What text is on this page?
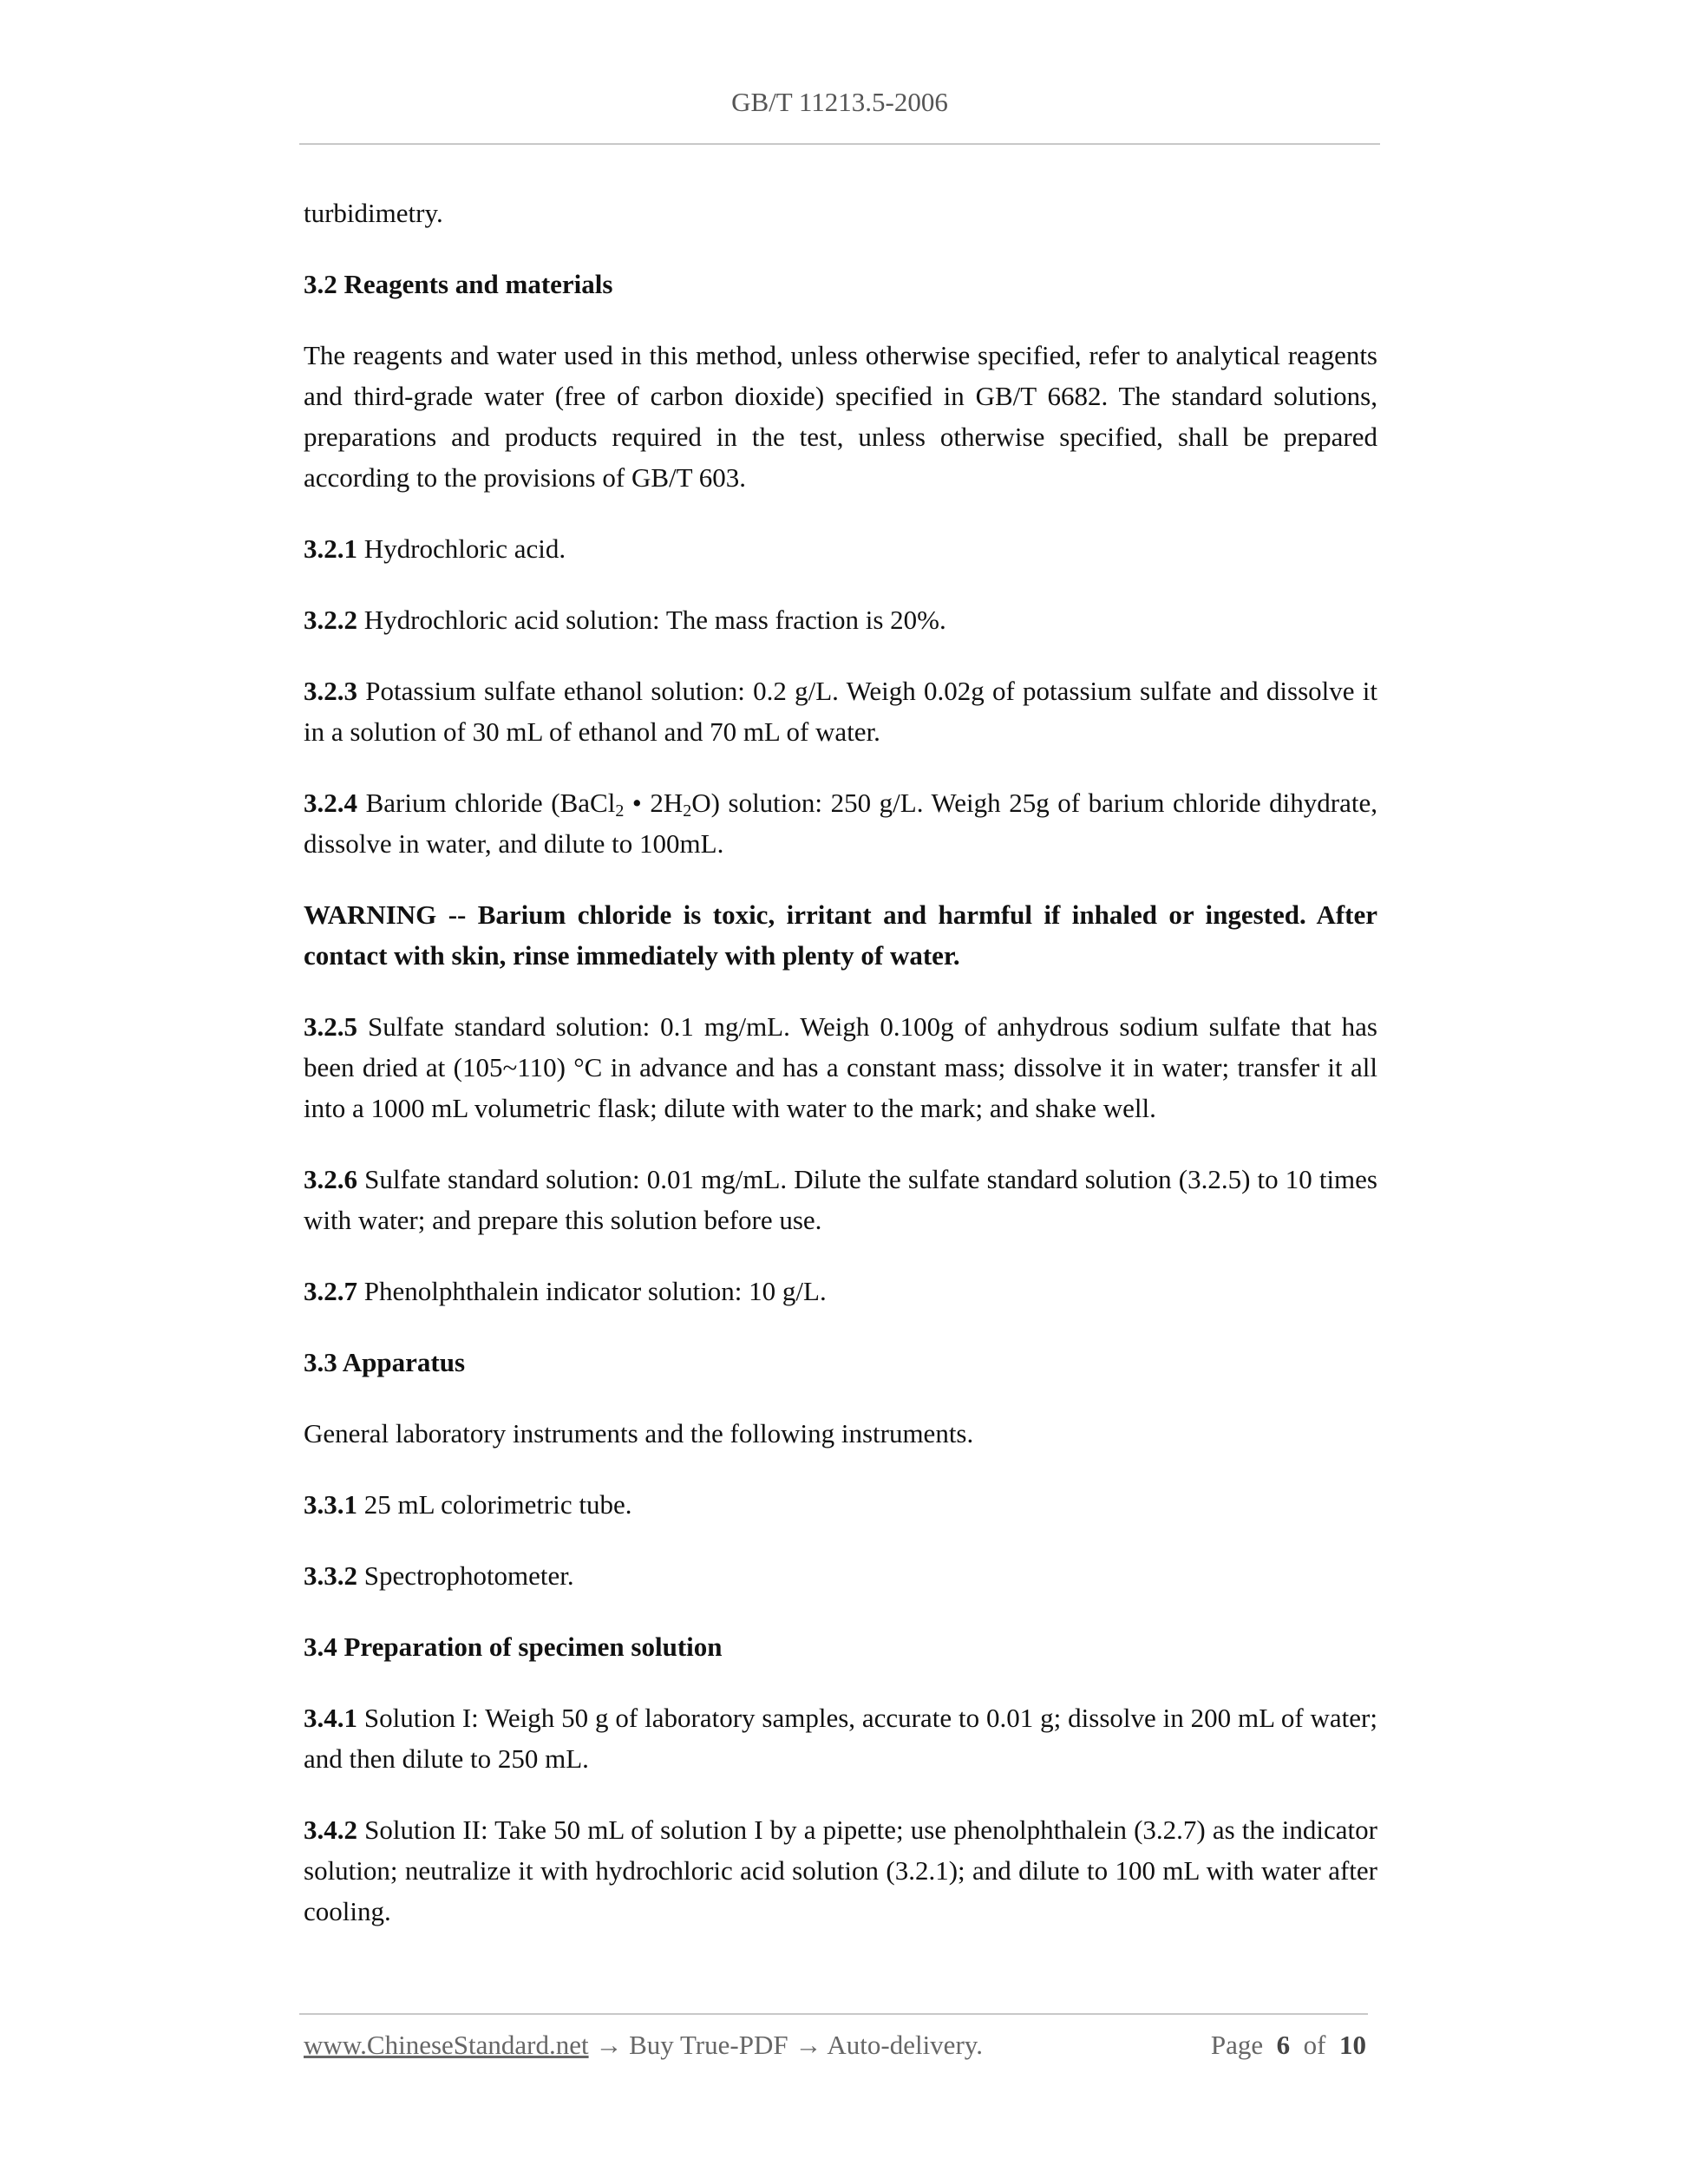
GB/T 11213.5-2006

turbidimetry.

3.2 Reagents and materials

The reagents and water used in this method, unless otherwise specified, refer to analytical reagents and third-grade water (free of carbon dioxide) specified in GB/T 6682. The standard solutions, preparations and products required in the test, unless otherwise specified, shall be prepared according to the provisions of GB/T 603.

3.2.1 Hydrochloric acid.

3.2.2 Hydrochloric acid solution: The mass fraction is 20%.

3.2.3 Potassium sulfate ethanol solution: 0.2 g/L. Weigh 0.02g of potassium sulfate and dissolve it in a solution of 30 mL of ethanol and 70 mL of water.

3.2.4 Barium chloride (BaCl$_2$ • $2H_2O$) solution: 250 g/L. Weigh 25g of barium chloride dihydrate, dissolve in water, and dilute to 100mL.

WARNING -- Barium chloride is toxic, irritant and harmful if inhaled or ingested. After contact with skin, rinse immediately with plenty of water.

3.2.5 Sulfate standard solution: 0.1 mg/mL. Weigh 0.100g of anhydrous sodium sulfate that has been dried at (105~110) °C in advance and has a constant mass; dissolve it in water; transfer it all into a 1000 mL volumetric flask; dilute with water to the mark; and shake well.

3.2.6 Sulfate standard solution: 0.01 mg/mL. Dilute the sulfate standard solution (3.2.5) to 10 times with water; and prepare this solution before use.

3.2.7 Phenolphthalein indicator solution: 10 g/L.

3.3 Apparatus

General laboratory instruments and the following instruments.

3.3.1 25 mL colorimetric tube.

3.3.2 Spectrophotometer.

3.4 Preparation of specimen solution

3.4.1 Solution I: Weigh 50 g of laboratory samples, accurate to 0.01 g; dissolve in 200 mL of water; and then dilute to 250 mL.

3.4.2 Solution II: Take 50 mL of solution I by a pipette; use phenolphthalein (3.2.7) as the indicator solution; neutralize it with hydrochloric acid solution (3.2.1); and dilute to 100 mL with water after cooling.

www.ChineseStandard.net → Buy True-PDF → Auto-delivery.	Page 6 of 10
